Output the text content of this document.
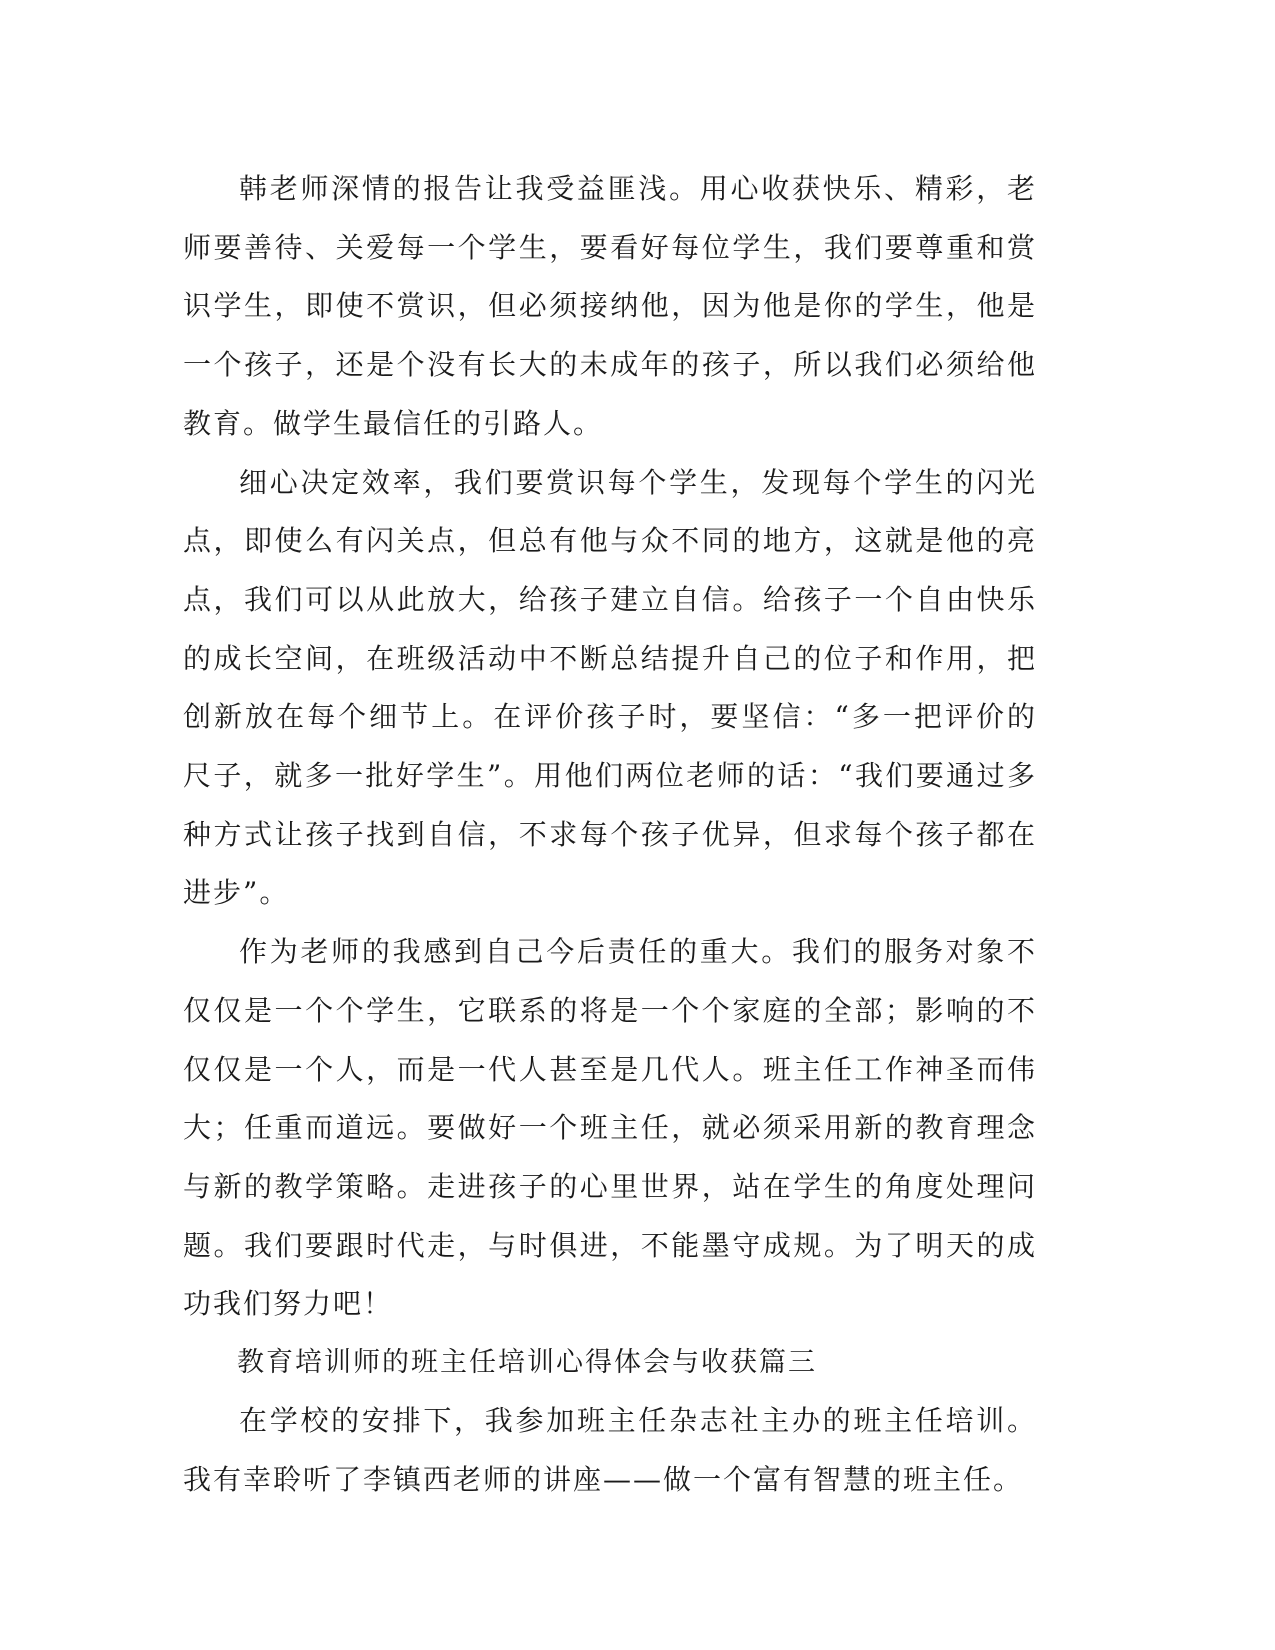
韩老师深情的报告让我受益匪浅。用心收获快乐、精彩，老师要善待、关爱每一个学生，要看好每位学生，我们要尊重和赏识学生，即使不赏识，但必须接纳他，因为他是你的学生，他是一个孩子，还是个没有长大的未成年的孩子，所以我们必须给他教育。做学生最信任的引路人。

细心决定效率，我们要赏识每个学生，发现每个学生的闪光点，即使么有闪关点，但总有他与众不同的地方，这就是他的亮点，我们可以从此放大，给孩子建立自信。给孩子一个自由快乐的成长空间，在班级活动中不断总结提升自己的位子和作用，把创新放在每个细节上。在评价孩子时，要坚信：“多一把评价的尺子，就多一批好学生”。用他们两位老师的话：“我们要通过多种方式让孩子找到自信，不求每个孩子优异，但求每个孩子都在进步”。

作为老师的我感到自己今后责任的重大。我们的服务对象不仅仅是一个个学生，它联系的将是一个个家庭的全部；影响的不仅仅是一个人，而是一代人甚至是几代人。班主任工作神圣而伟大；任重而道远。要做好一个班主任，就必须采用新的教育理念与新的教学策略。走进孩子的心里世界，站在学生的角度处理问题。我们要跟时代走，与时俱进，不能墨守成规。为了明天的成功我们努力吧！

教育培训师的班主任培训心得体会与收获篇三

在学校的安排下，我参加班主任杂志社主办的班主任培训。我有幸聆听了李镇西老师的讲座——做一个富有智慧的班主任。
